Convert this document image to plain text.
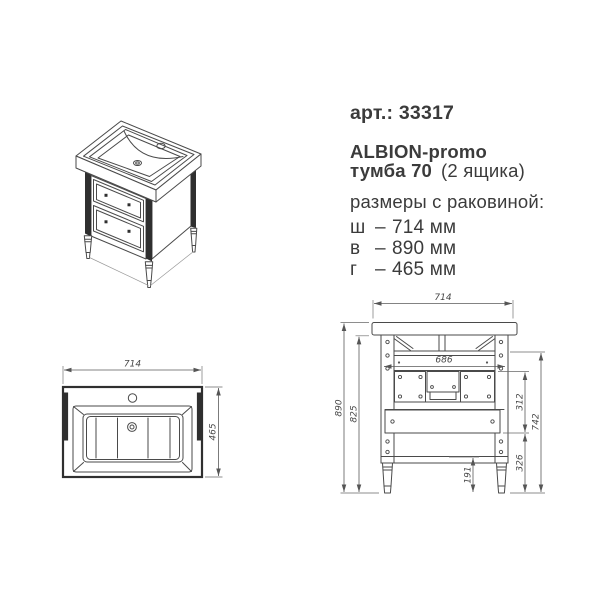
714
465
714
686
890 825
312
326
742
191
арт.: 33317
ALBION-promo
тумба 70 (2 ящика)
размеры с раковиной:
ш – 714 мм
в – 890 мм
г – 465 мм
